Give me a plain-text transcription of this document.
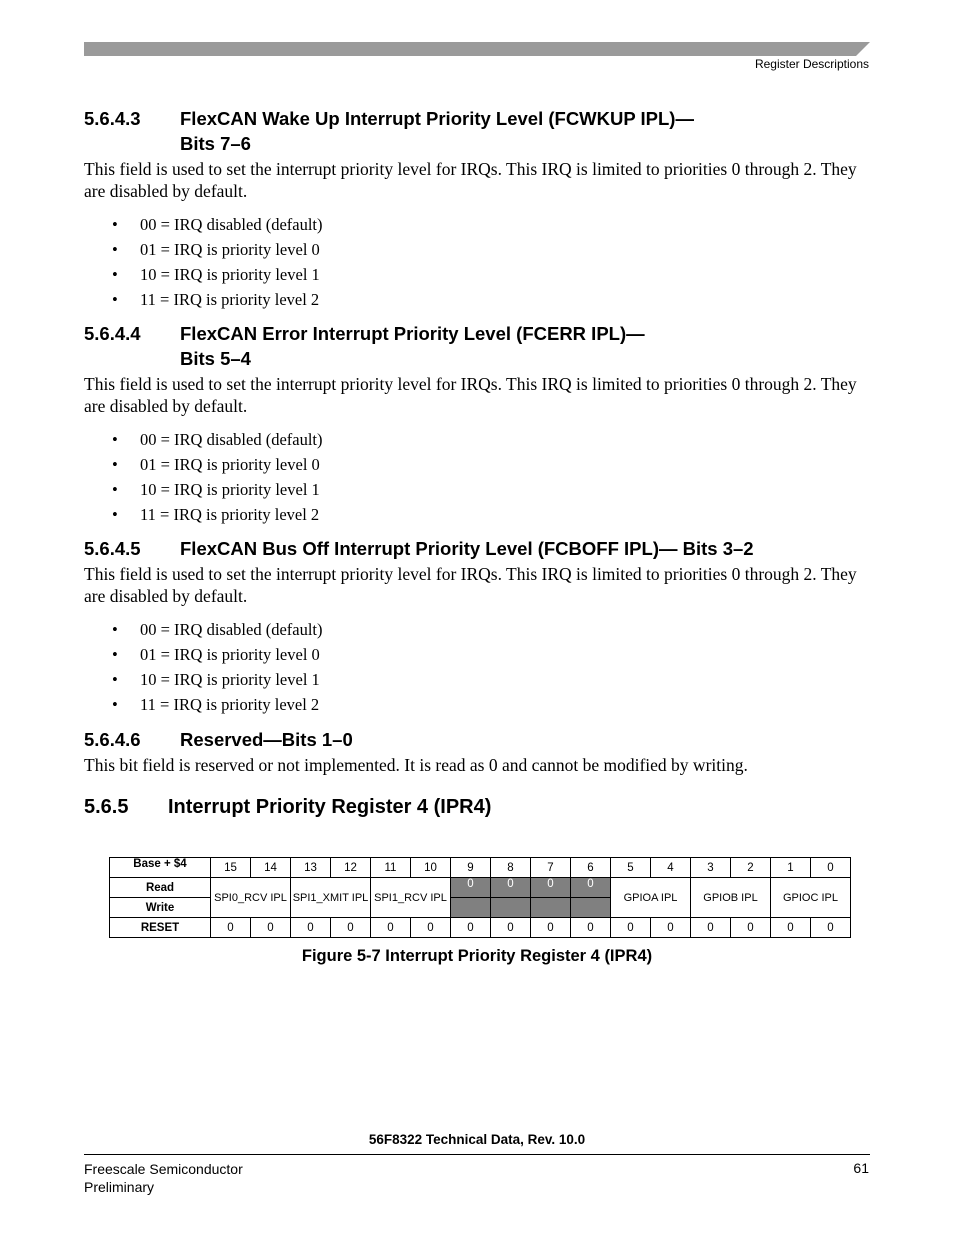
Register Descriptions
5.6.4.3	FlexCAN Wake Up Interrupt Priority Level (FCWKUP IPL)—
Bits 7–6

This field is used to set the interrupt priority level for IRQs. This IRQ is limited to priorities 0 through 2. They are disabled by default.

• 00 = IRQ disabled (default)
• 01 = IRQ is priority level 0
• 10 = IRQ is priority level 1
• 11 = IRQ is priority level 2
5.6.4.4	FlexCAN Error Interrupt Priority Level (FCERR IPL)—
Bits 5–4

This field is used to set the interrupt priority level for IRQs. This IRQ is limited to priorities 0 through 2. They are disabled by default.

• 00 = IRQ disabled (default)
• 01 = IRQ is priority level 0
• 10 = IRQ is priority level 1
• 11 = IRQ is priority level 2
5.6.4.5	FlexCAN Bus Off Interrupt Priority Level (FCBOFF IPL)— Bits 3–2

This field is used to set the interrupt priority level for IRQs. This IRQ is limited to priorities 0 through 2. They are disabled by default.

• 00 = IRQ disabled (default)
• 01 = IRQ is priority level 0
• 10 = IRQ is priority level 1
• 11 = IRQ is priority level 2
5.6.4.6	Reserved—Bits 1–0

This bit field is reserved or not implemented. It is read as 0 and cannot be modified by writing.

5.6.5	Interrupt Priority Register 4 (IPR4)
Base + $4	15	14	13	12	11	10	9	8	7	6	5	4	3	2	1	0
Read	SPI0_RCV IPL		SPI1_XMIT IPL		SPI1_RCV IPL		0	0	0	0	GPIOA IPL		GPIOB IPL		GPIOC IPL	
Write																
RESET	0	0	0	0	0	0	0	0	0	0	0	0	0	0	0	0
Figure 5-7 Interrupt Priority Register 4 (IPR4)
56F8322 Technical Data, Rev. 10.0
Freescale Semiconductor
Preliminary
61
